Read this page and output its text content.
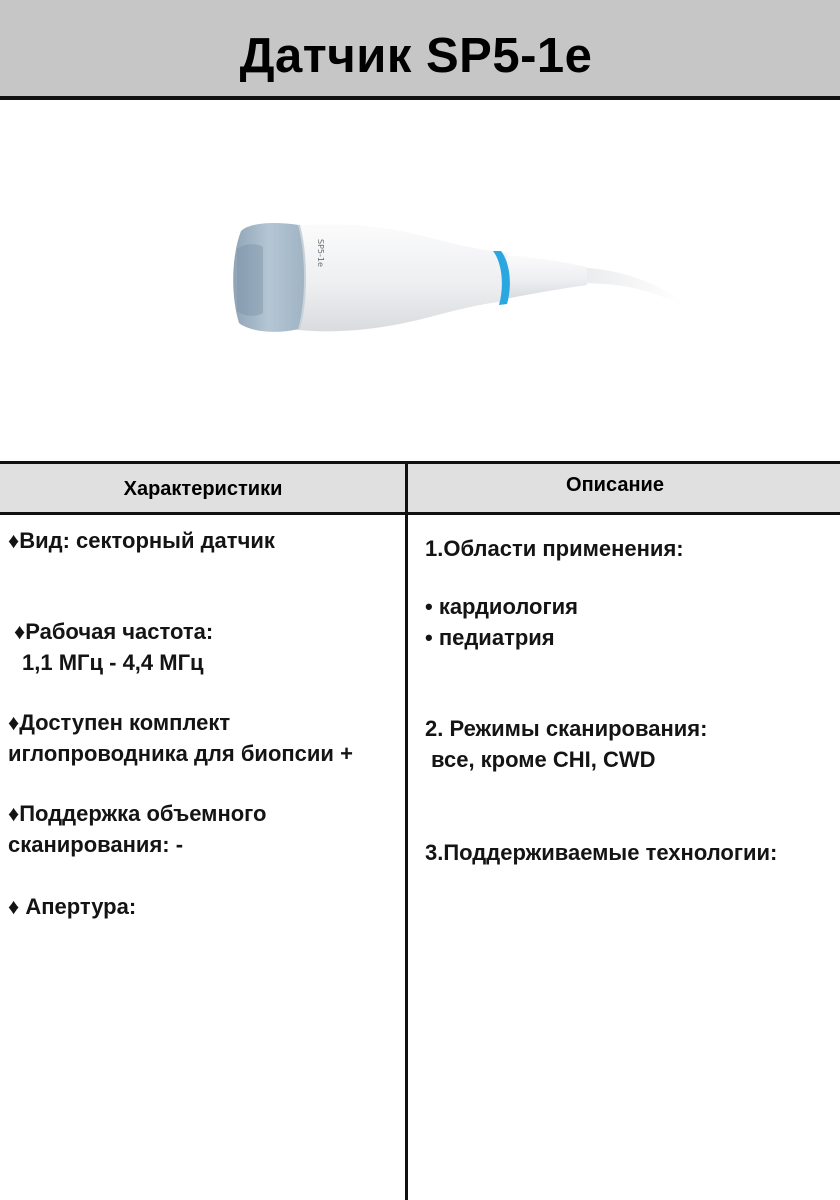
Датчик SP5-1e
SP5-1e
Характеристики	Описание
♦Вид: секторный датчик
♦Рабочая частота:
1,1 МГц - 4,4 МГц
♦Доступен комплект
иглопроводника для биопсии +
♦Поддержка объемного
сканирования: -
♦ Апертура:
1.Области применения:
• кардиология
• педиатрия
2. Режимы сканирования:
все, кроме CHI, CWD
3.Поддерживаемые технологии:
